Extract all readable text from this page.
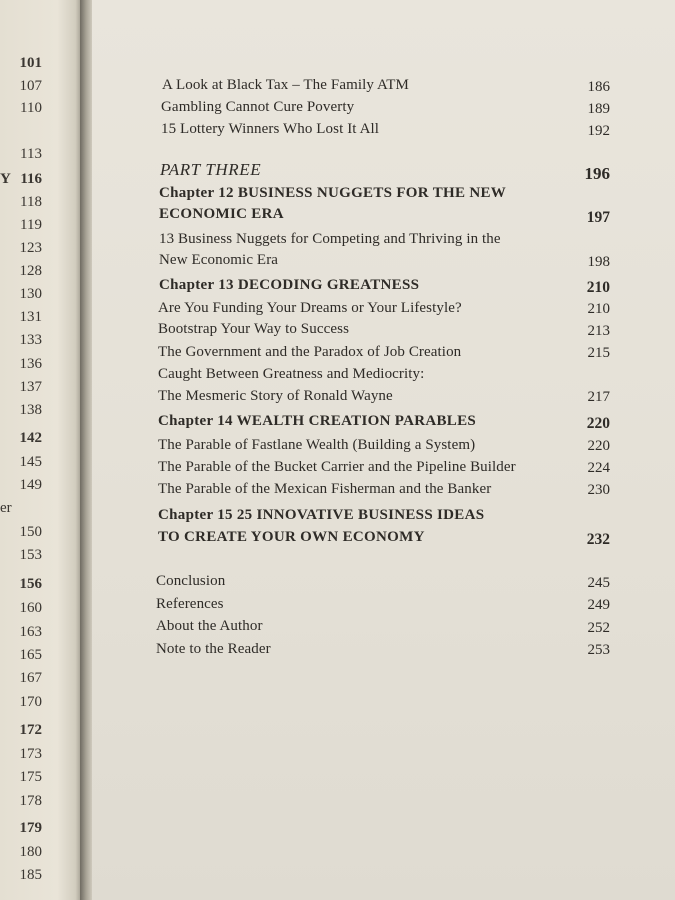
Y
er
101
107
110
113
116
118
119
123
128
130
131
133
136
137
138
142
145
149
150
153
156
160
163
165
167
170
172
173
175
178
179
180
185
A Look at Black Tax – The Family ATM	186
Gambling Cannot Cure Poverty	189
15 Lottery Winners Who Lost It All	192
PART THREE	196
Chapter 12 BUSINESS NUGGETS FOR THE NEW
ECONOMIC ERA	197
13 Business Nuggets for Competing and Thriving in the
New Economic Era	198
Chapter 13 DECODING GREATNESS	210
Are You Funding Your Dreams or Your Lifestyle?	210
Bootstrap Your Way to Success	213
The Government and the Paradox of Job Creation	215
Caught Between Greatness and Mediocrity:
The Mesmeric Story of Ronald Wayne	217
Chapter 14 WEALTH CREATION PARABLES	220
The Parable of Fastlane Wealth (Building a System)	220
The Parable of the Bucket Carrier and the Pipeline Builder	224
The Parable of the Mexican Fisherman and the Banker	230
Chapter 15 25 INNOVATIVE BUSINESS IDEAS
TO CREATE YOUR OWN ECONOMY	232
Conclusion	245
References	249
About the Author	252
Note to the Reader	253
